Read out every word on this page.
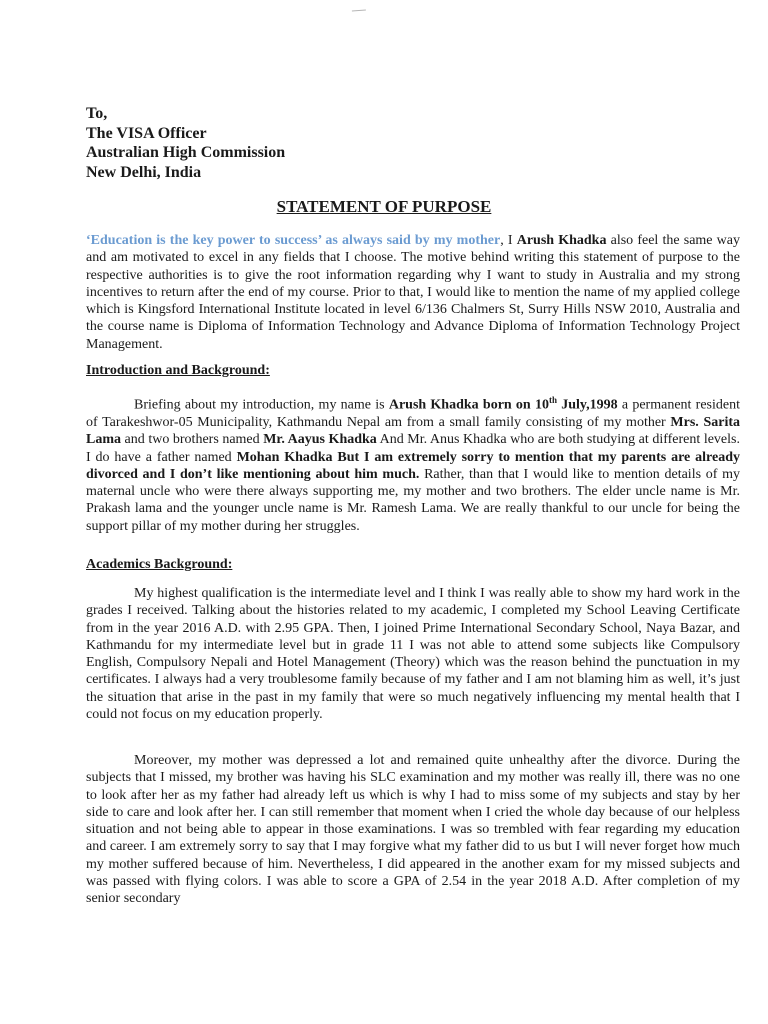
To,
The VISA Officer
Australian High Commission
New Delhi, India
STATEMENT OF PURPOSE

‘Education is the key power to success’ as always said by my mother, I Arush Khadka also feel the same way and am motivated to excel in any fields that I choose. The motive behind writing this statement of purpose to the respective authorities is to give the root information regarding why I want to study in Australia and my strong incentives to return after the end of my course. Prior to that, I would like to mention the name of my applied college which is Kingsford International Institute located in level 6/136 Chalmers St, Surry Hills NSW 2010, Australia and the course name is Diploma of Information Technology and Advance Diploma of Information Technology Project Management.

Introduction and Background:

Briefing about my introduction, my name is Arush Khadka born on 10th July,1998 a permanent resident of Tarakeshwor-05 Municipality, Kathmandu Nepal am from a small family consisting of my mother Mrs. Sarita Lama and two brothers named Mr. Aayus Khadka And Mr. Anus Khadka who are both studying at different levels. I do have a father named Mohan Khadka But I am extremely sorry to mention that my parents are already divorced and I don’t like mentioning about him much. Rather, than that I would like to mention details of my maternal uncle who were there always supporting me, my mother and two brothers. The elder uncle name is Mr. Prakash lama and the younger uncle name is Mr. Ramesh Lama. We are really thankful to our uncle for being the support pillar of my mother during her struggles.

Academics Background:

My highest qualification is the intermediate level and I think I was really able to show my hard work in the grades I received. Talking about the histories related to my academic, I completed my School Leaving Certificate from in the year 2016 A.D. with 2.95 GPA. Then, I joined Prime International Secondary School, Naya Bazar, and Kathmandu for my intermediate level but in grade 11 I was not able to attend some subjects like Compulsory English, Compulsory Nepali and Hotel Management (Theory) which was the reason behind the punctuation in my certificates. I always had a very troublesome family because of my father and I am not blaming him as well, it’s just the situation that arise in the past in my family that were so much negatively influencing my mental health that I could not focus on my education properly.

Moreover, my mother was depressed a lot and remained quite unhealthy after the divorce. During the subjects that I missed, my brother was having his SLC examination and my mother was really ill, there was no one to look after her as my father had already left us which is why I had to miss some of my subjects and stay by her side to care and look after her. I can still remember that moment when I cried the whole day because of our helpless situation and not being able to appear in those examinations. I was so trembled with fear regarding my education and career. I am extremely sorry to say that I may forgive what my father did to us but I will never forget how much my mother suffered because of him. Nevertheless, I did appeared in the another exam for my missed subjects and was passed with flying colors. I was able to score a GPA of 2.54 in the year 2018 A.D. After completion of my senior secondary
